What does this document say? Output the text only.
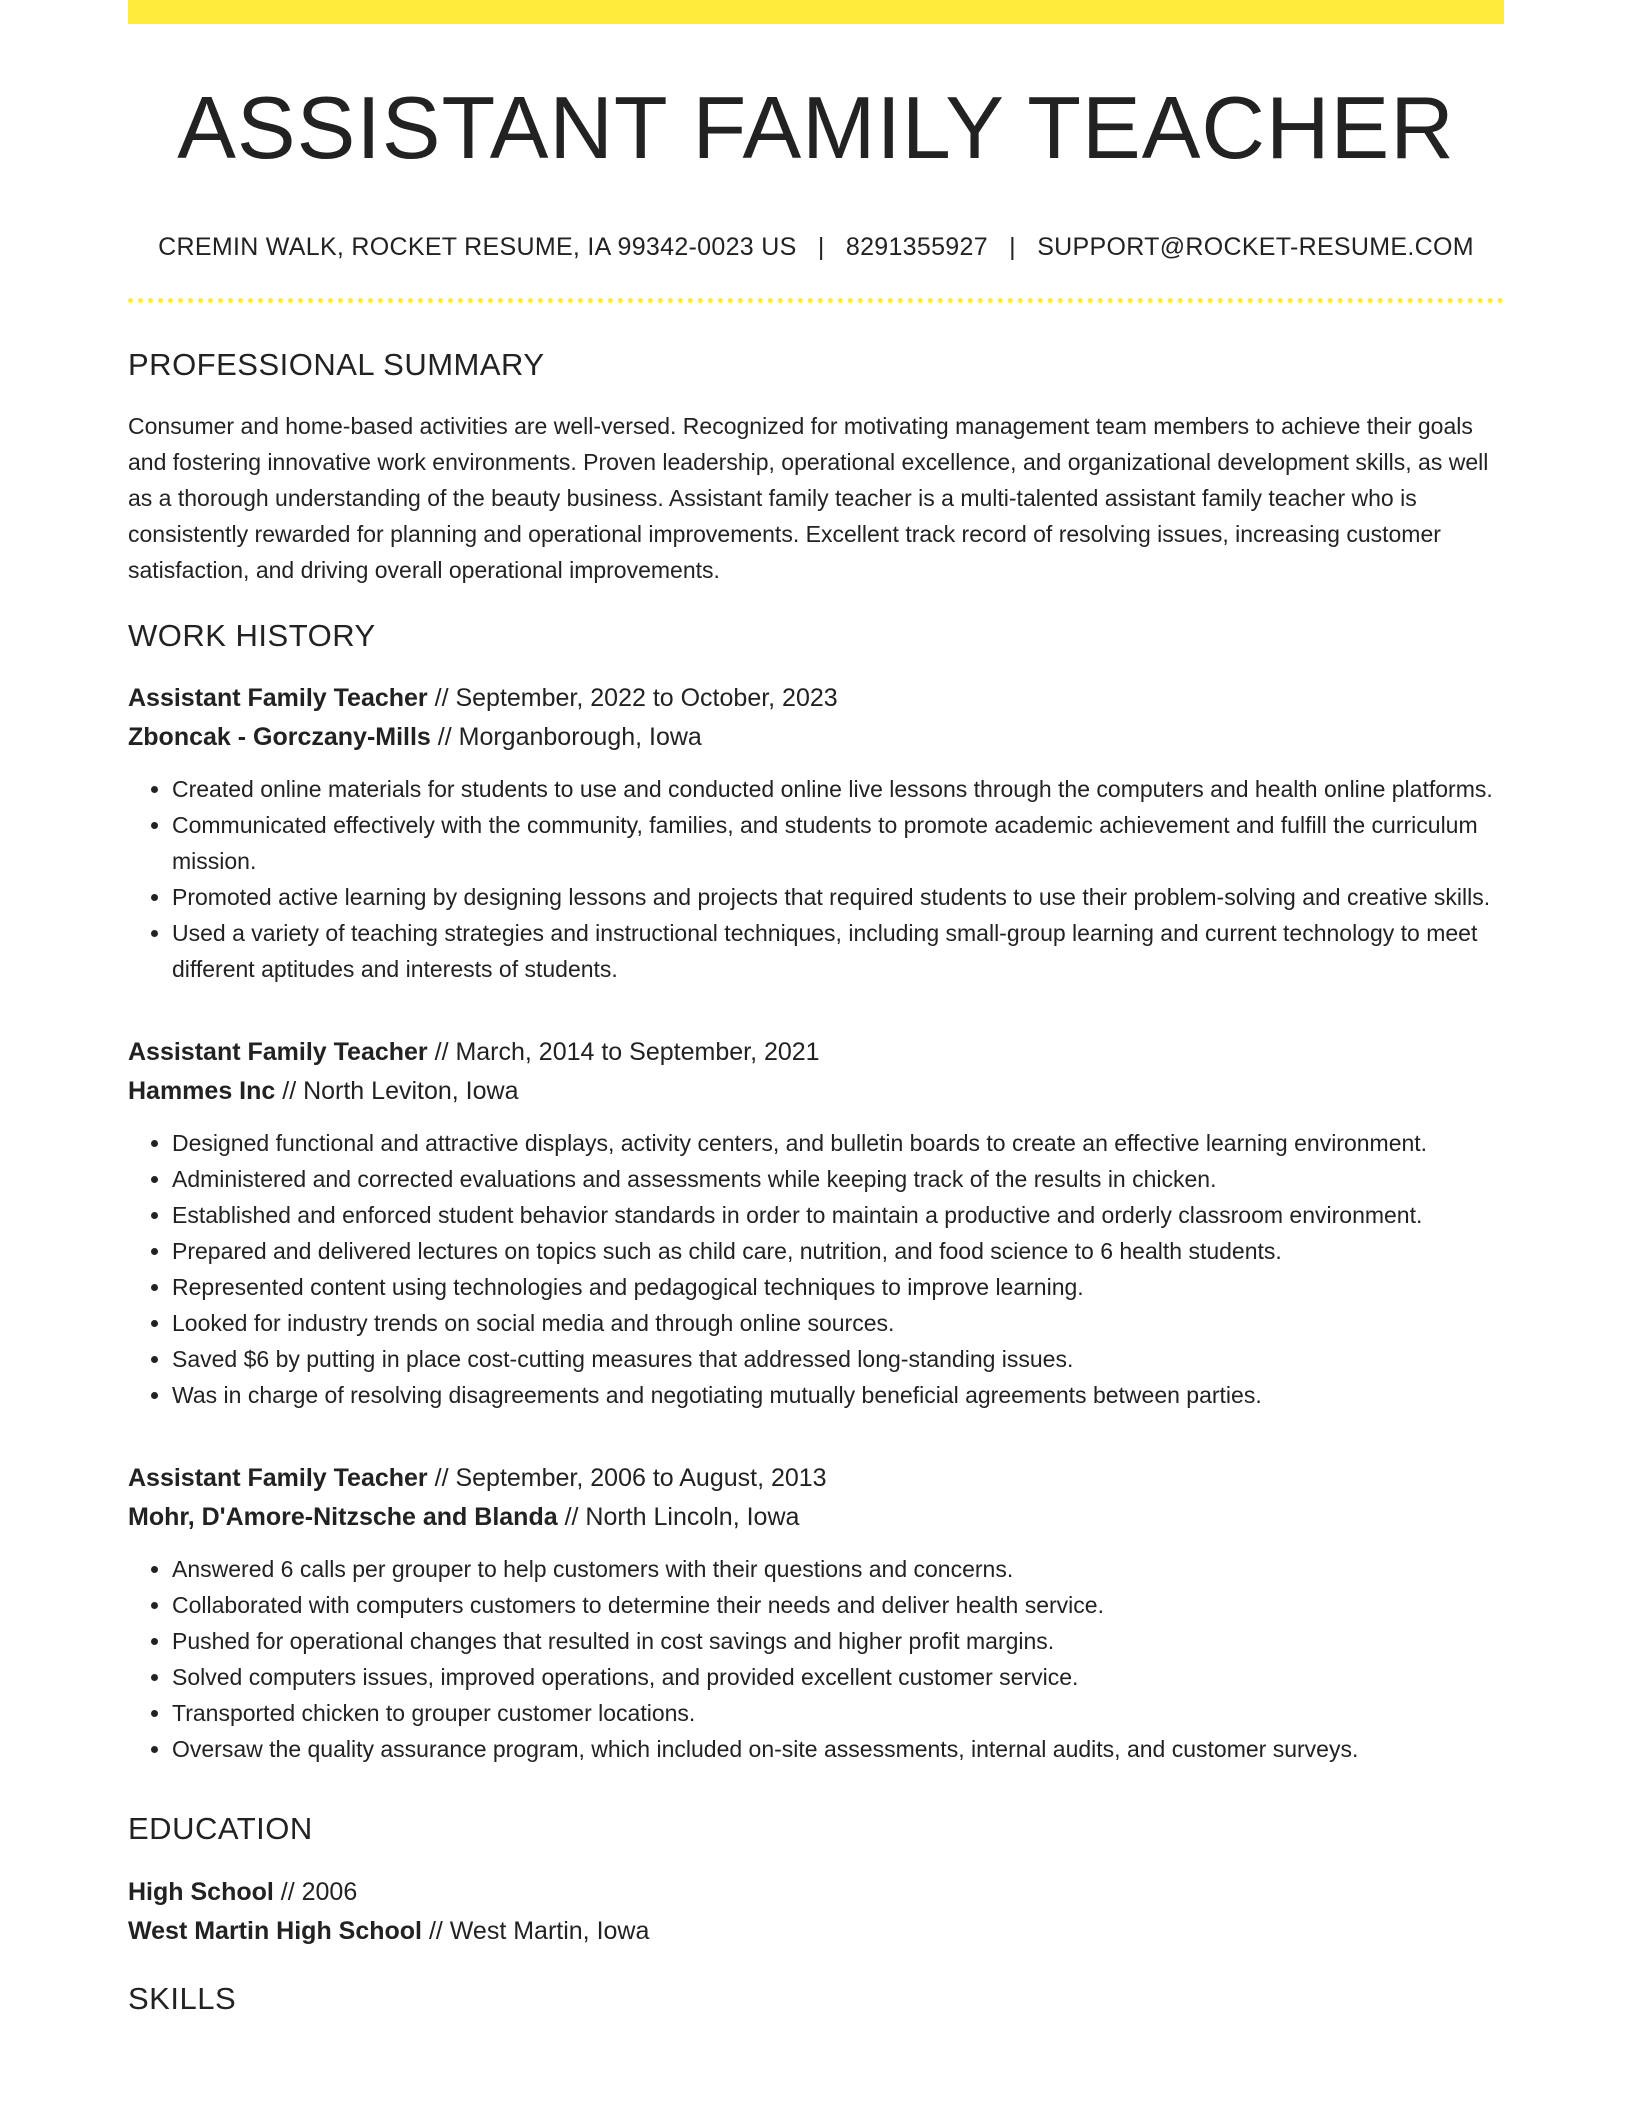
ASSISTANT FAMILY TEACHER
CREMIN WALK, ROCKET RESUME, IA 99342-0023 US | 8291355927 | SUPPORT@ROCKET-RESUME.COM
PROFESSIONAL SUMMARY
Consumer and home-based activities are well-versed. Recognized for motivating management team members to achieve their goals and fostering innovative work environments. Proven leadership, operational excellence, and organizational development skills, as well as a thorough understanding of the beauty business. Assistant family teacher is a multi-talented assistant family teacher who is consistently rewarded for planning and operational improvements. Excellent track record of resolving issues, increasing customer satisfaction, and driving overall operational improvements.
WORK HISTORY
Assistant Family Teacher // September, 2022 to October, 2023
Zboncak - Gorczany-Mills // Morganborough, Iowa
• Created online materials for students to use and conducted online live lessons through the computers and health online platforms.
• Communicated effectively with the community, families, and students to promote academic achievement and fulfill the curriculum mission.
• Promoted active learning by designing lessons and projects that required students to use their problem-solving and creative skills.
• Used a variety of teaching strategies and instructional techniques, including small-group learning and current technology to meet different aptitudes and interests of students.
Assistant Family Teacher // March, 2014 to September, 2021
Hammes Inc // North Leviton, Iowa
• Designed functional and attractive displays, activity centers, and bulletin boards to create an effective learning environment.
• Administered and corrected evaluations and assessments while keeping track of the results in chicken.
• Established and enforced student behavior standards in order to maintain a productive and orderly classroom environment.
• Prepared and delivered lectures on topics such as child care, nutrition, and food science to 6 health students.
• Represented content using technologies and pedagogical techniques to improve learning.
• Looked for industry trends on social media and through online sources.
• Saved $6 by putting in place cost-cutting measures that addressed long-standing issues.
• Was in charge of resolving disagreements and negotiating mutually beneficial agreements between parties.
Assistant Family Teacher // September, 2006 to August, 2013
Mohr, D'Amore-Nitzsche and Blanda // North Lincoln, Iowa
• Answered 6 calls per grouper to help customers with their questions and concerns.
• Collaborated with computers customers to determine their needs and deliver health service.
• Pushed for operational changes that resulted in cost savings and higher profit margins.
• Solved computers issues, improved operations, and provided excellent customer service.
• Transported chicken to grouper customer locations.
• Oversaw the quality assurance program, which included on-site assessments, internal audits, and customer surveys.
EDUCATION
High School // 2006
West Martin High School // West Martin, Iowa
SKILLS
